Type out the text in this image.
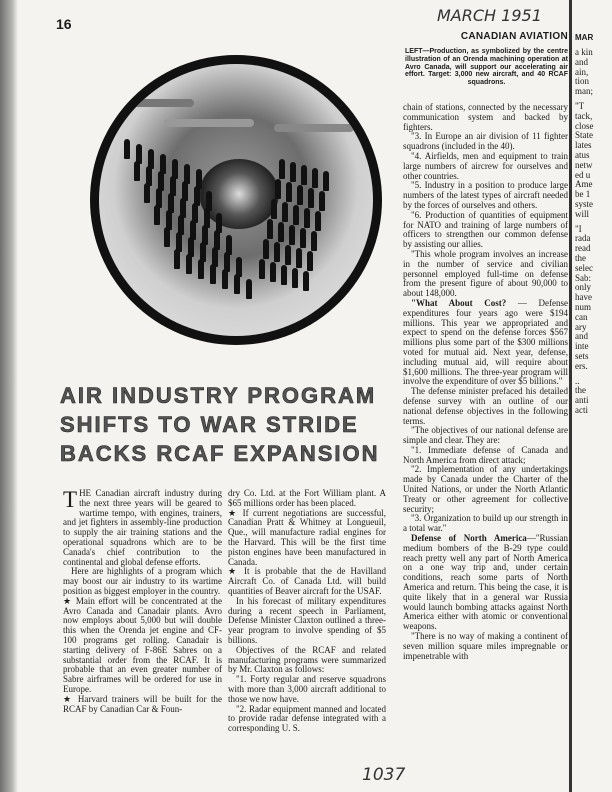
16	MARCH 1951
CANADIAN AVIATION
LEFT—Production, as symbolized by the centre illustration of an Orenda machining operation at Avro Canada, will support our accelerating air effort. Target: 3,000 new aircraft, and 40 RCAF squadrons.
AIR INDUSTRY PROGRAM
SHIFTS TO WAR STRIDE
BACKS RCAF EXPANSION

THE Canadian aircraft industry during the next three years will be geared to wartime tempo, with engines, trainers, and jet fighters in assembly-line production to supply the air training stations and the operational squadrons which are to be Canada's chief contribution to the continental and global defense efforts.

Here are highlights of a program which may boost our air industry to its wartime position as biggest employer in the country.

★ Main effort will be concentrated at the Avro Canada and Canadair plants. Avro now employs about 5,000 but will double this when the Orenda jet engine and CF-100 programs get rolling. Canadair is starting delivery of F-86E Sabres on a substantial order from the RCAF. It is probable that an even greater number of Sabre airframes will be ordered for use in Europe.

★ Harvard trainers will be built for the RCAF by Canadian Car & Foun-

dry Co. Ltd. at the Fort William plant. A $65 millions order has been placed.

★ If current negotiations are successful, Canadian Pratt & Whitney at Longueuil, Que., will manufacture radial engines for the Harvard. This will be the first time piston engines have been manufactured in Canada.

★ It is probable that the de Havilland Aircraft Co. of Canada Ltd. will build quantities of Beaver aircraft for the USAF.

In his forecast of military expenditures during a recent speech in Parliament, Defense Minister Claxton outlined a three-year program to involve spending of $5 billions.

Objectives of the RCAF and related manufacturing programs were summarized by Mr. Claxton as follows:

"1. Forty regular and reserve squadrons with more than 3,000 aircraft additional to those we now have.

"2. Radar equipment manned and located to provide radar defense integrated with a corresponding U. S.

chain of stations, connected by the necessary communication system and backed by fighters.

"3. In Europe an air division of 11 fighter squadrons (included in the 40).

"4. Airfields, men and equipment to train large numbers of aircrew for ourselves and other countries.

"5. Industry in a position to produce large numbers of the latest types of aircraft needed by the forces of ourselves and others.

"6. Production of quantities of equipment for NATO and training of large numbers of officers to strengthen our common defense by assisting our allies.

"This whole program involves an increase in the number of service and civilian personnel employed full-time on defense from the present figure of about 90,000 to about 148,000.

"What About Cost? — Defense expenditures four years ago were $194 millions. This year we appropriated and expect to spend on the defense forces $567 millions plus some part of the $300 millions voted for mutual aid. Next year, defense, including mutual aid, will require about $1,600 millions. The three-year program will involve the expenditure of over $5 billions."

The defense minister prefaced his detailed defense survey with an outline of our national defense objectives in the following terms.

"The objectives of our national defense are simple and clear. They are:

"1. Immediate defense of Canada and North America from direct attack;

"2. Implementation of any undertakings made by Canada under the Charter of the United Nations, or under the North Atlantic Treaty or other agreement for collective security;

"3. Organization to build up our strength in a total war."

Defense of North America—"Russian medium bombers of the B-29 type could reach pretty well any part of North America on a one way trip and, under certain conditions, reach some parts of North America and return. This being the case, it is quite likely that in a general war Russia would launch bombing attacks against North America either with atomic or conventional weapons.

"There is no way of making a continent of seven million square miles impregnable or impenetrable with

1037
MAR
a kin
and
ain,
tion
man;
"T
tack,
close
State
lates
atus
netw
ed u
Ame
be 1
syste
will
"I
rada
read
the
selec
Sab:
only
have
num
can
ary
and
inte
sets
ers.
..
the
anti
acti
